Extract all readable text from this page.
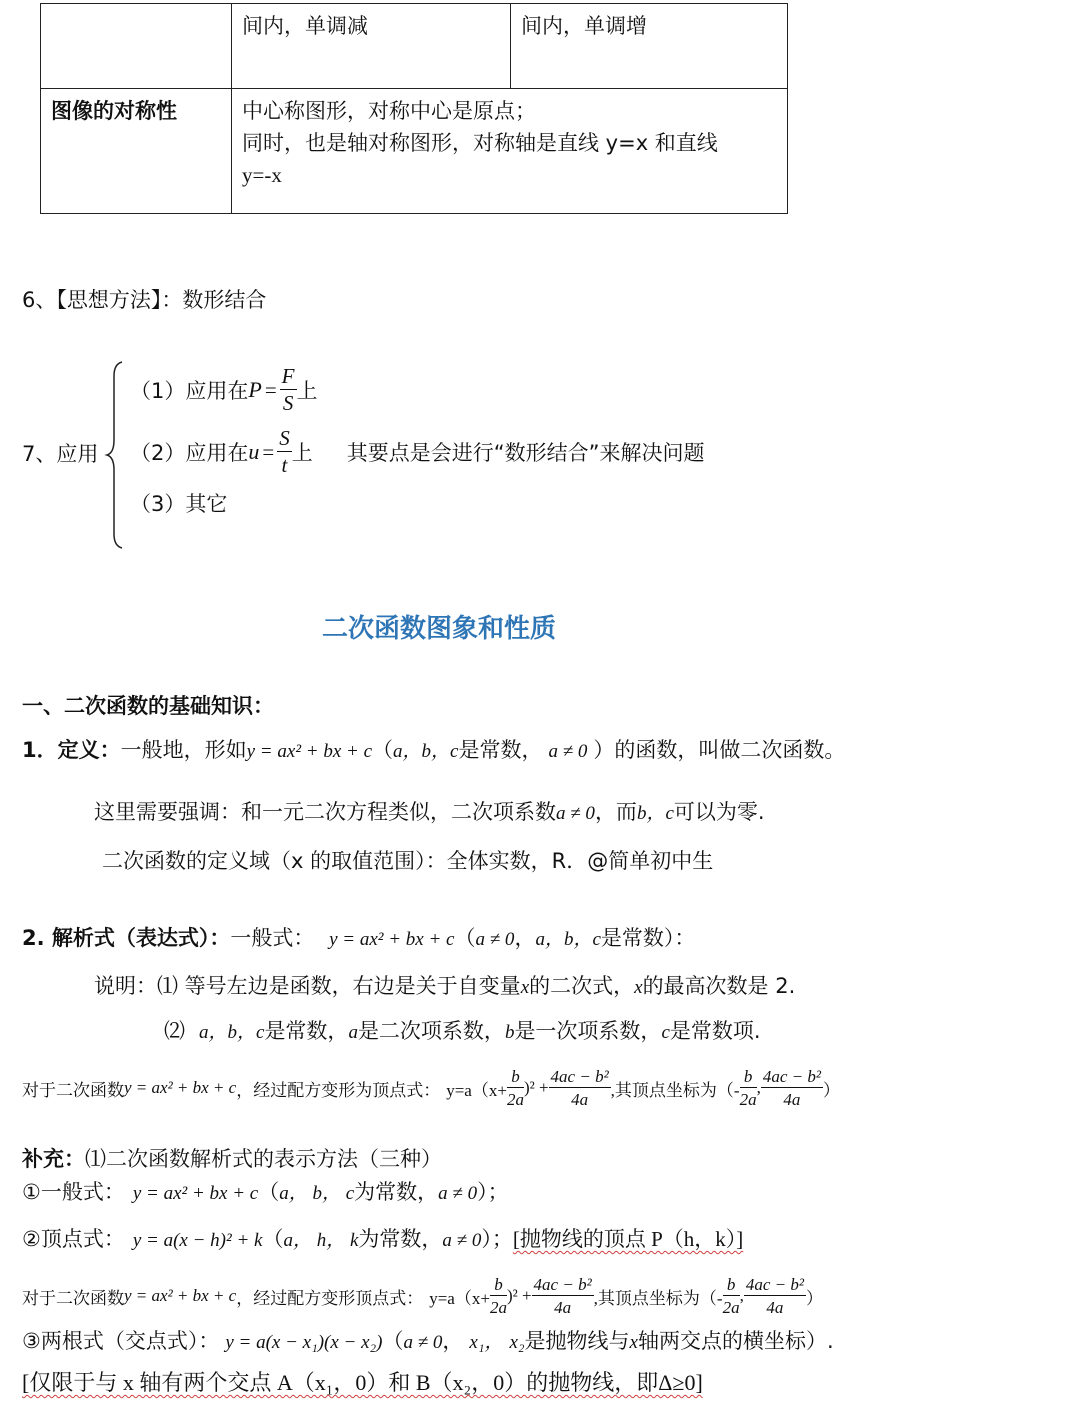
	间内，单调减	间内，单调增
图像的对称性	中心称图形，对称中心是原点；
同时，也是轴对称图形，对称轴是直线 y=x 和直线
y=-x	
6、【思想方法】：数形结合
7、应用
（1）应用在 $P = \frac{F}{S}$ 上
（2）应用在 $u = \frac{S}{t}$ 上 其要点是会进行“数形结合”来解决问题
（3）其它
二次函数图象和性质
一、二次函数的基础知识：
1．定义：一般地，形如y = ax² + bx + c（a，b，c是常数， a ≠ 0 ）的函数，叫做二次函数。
这里需要强调：和一元二次方程类似，二次项系数a ≠ 0，而b，c可以为零.
二次函数的定义域（x 的取值范围）：全体实数，R．@简单初中生
2. 解析式（表达式）：一般式： y = ax² + bx + c（a ≠ 0，a，b，c是常数）：
说明：⑴ 等号左边是函数，右边是关于自变量x的二次式，x的最高次数是 2.
⑵ a，b，c是常数，a是二次项系数，b是一次项系数，c是常数项.
对于二次函数 y = ax² + bx + c ，经过配方变形为顶点式： $y=a(x+ \frac{b}{2a} )^2 + \frac{\text{4ac − b²}}{4a}$ ,其顶点坐标为（- $\frac{b}{2a}$ , $\frac{\text{4ac − b²}}{4a}$ ）
补充：⑴二次函数解析式的表示方法（三种）
①一般式： y = ax² + bx + c（a， b， c为常数，a ≠ 0）；
②顶点式： y = a(x − h)² + k（a， h， k为常数，a ≠ 0）；[抛物线的顶点 P（h，k）]
对于二次函数 y = ax² + bx + c ，经过配方变形顶点式： $y=a(x+ \frac{b}{2a} )^2 + \frac{\text{4ac − b²}}{4a}$ ,其顶点坐标为（- $\frac{b}{2a}$ , $\frac{\text{4ac − b²}}{4a}$ ）
③两根式（交点式）： y = a(x − x₁)(x − x₂)（a ≠ 0， x₁， x₂是抛物线与x轴两交点的横坐标）.
[仅限于与 x 轴有两个交点 A（x₁，0）和 B（x₂，0）的抛物线，即Δ≥0]
